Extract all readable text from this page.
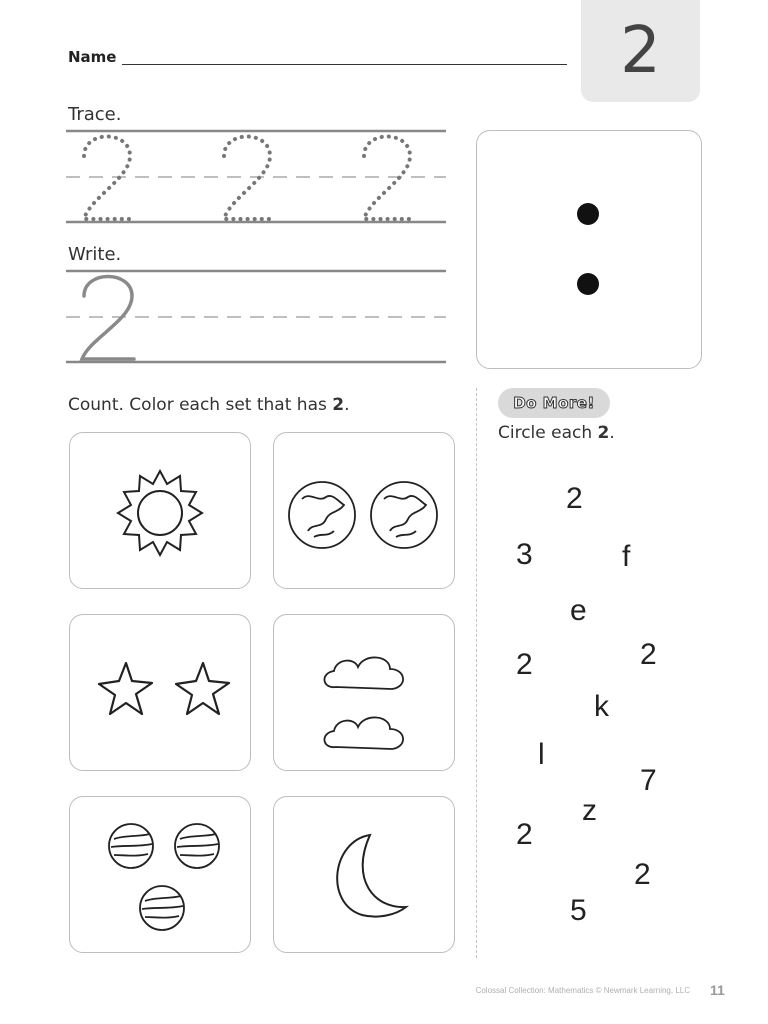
Name	2
Trace.
Write.
Count. Color each set that has 2.	Do More!
Circle each 2.
2
3	f
e
2	2
k
l
7
z
2
2
5
Colossal Collection: Mathematics © Newmark Learning, LLC 11
